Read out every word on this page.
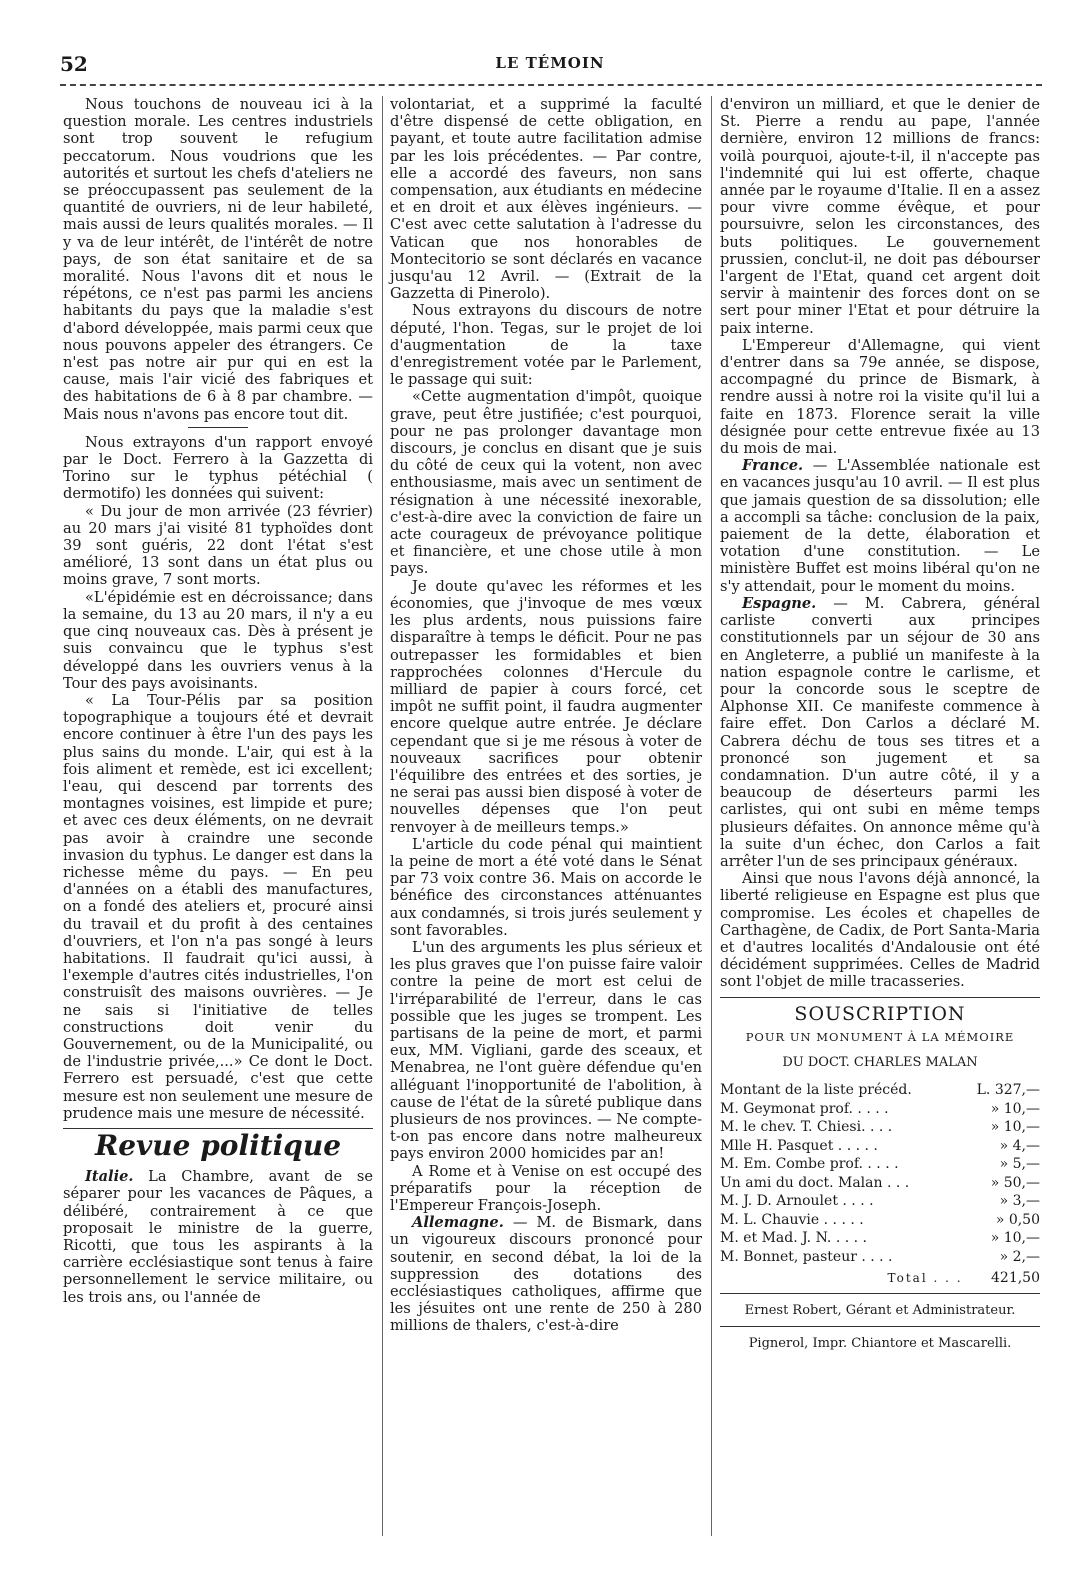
52	LE TÉMOIN

Nous touchons de nouveau ici à la question morale. Les centres industriels sont trop souvent le refugium peccatorum. Nous voudrions que les autorités et surtout les chefs d'ateliers ne se préoccupassent pas seulement de la quantité de ouvriers, ni de leur habileté, mais aussi de leurs qualités morales. — Il y va de leur intérêt, de l'intérêt de notre pays, de son état sanitaire et de sa moralité. Nous l'avons dit et nous le répétons, ce n'est pas parmi les anciens habitants du pays que la maladie s'est d'abord développée, mais parmi ceux que nous pouvons appeler des étrangers. Ce n'est pas notre air pur qui en est la cause, mais l'air vicié des fabriques et des habitations de 6 à 8 par chambre. — Mais nous n'avons pas encore tout dit.

Nous extrayons d'un rapport envoyé par le Doct. Ferrero à la Gazzetta di Torino sur le typhus pétéchial ( dermotifo) les données qui suivent:

« Du jour de mon arrivée (23 février) au 20 mars j'ai visité 81 typhoïdes dont 39 sont guéris, 22 dont l'état s'est amélioré, 13 sont dans un état plus ou moins grave, 7 sont morts.

«L'épidémie est en décroissance; dans la semaine, du 13 au 20 mars, il n'y a eu que cinq nouveaux cas. Dès à présent je suis convaincu que le typhus s'est développé dans les ouvriers venus à la Tour des pays avoisinants.

« La Tour-Pélis par sa position topographique a toujours été et devrait encore continuer à être l'un des pays les plus sains du monde. L'air, qui est à la fois aliment et remède, est ici excellent; l'eau, qui descend par torrents des montagnes voisines, est limpide et pure; et avec ces deux éléments, on ne devrait pas avoir à craindre une seconde invasion du typhus. Le danger est dans la richesse même du pays. — En peu d'années on a établi des manufactures, on a fondé des ateliers et, procuré ainsi du travail et du profit à des centaines d'ouvriers, et l'on n'a pas songé à leurs habitations. Il faudrait qu'ici aussi, à l'exemple d'autres cités industrielles, l'on construisît des maisons ouvrières. — Je ne sais si l'initiative de telles constructions doit venir du Gouvernement, ou de la Municipalité, ou de l'industrie privée,...» Ce dont le Doct. Ferrero est persuadé, c'est que cette mesure est non seulement une mesure de prudence mais une mesure de nécessité.

Revue politique

Italie. La Chambre, avant de se séparer pour les vacances de Pâques, a délibéré, contrairement à ce que proposait le ministre de la guerre, Ricotti, que tous les aspirants à la carrière ecclésiastique sont tenus à faire personnellement le service militaire, ou les trois ans, ou l'année de

volontariat, et a supprimé la faculté d'être dispensé de cette obligation, en payant, et toute autre facilitation admise par les lois précédentes. — Par contre, elle a accordé des faveurs, non sans compensation, aux étudiants en médecine et en droit et aux élèves ingénieurs. — C'est avec cette salutation à l'adresse du Vatican que nos honorables de Montecitorio se sont déclarés en vacance jusqu'au 12 Avril. — (Extrait de la Gazzetta di Pinerolo).

Nous extrayons du discours de notre député, l'hon. Tegas, sur le projet de loi d'augmentation de la taxe d'enregistrement votée par le Parlement, le passage qui suit:

«Cette augmentation d'impôt, quoique grave, peut être justifiée; c'est pourquoi, pour ne pas prolonger davantage mon discours, je conclus en disant que je suis du côté de ceux qui la votent, non avec enthousiasme, mais avec un sentiment de résignation à une nécessité inexorable, c'est-à-dire avec la conviction de faire un acte courageux de prévoyance politique et financière, et une chose utile à mon pays.

Je doute qu'avec les réformes et les économies, que j'invoque de mes vœux les plus ardents, nous puissions faire disparaître à temps le déficit. Pour ne pas outrepasser les formidables et bien rapprochées colonnes d'Hercule du milliard de papier à cours forcé, cet impôt ne suffit point, il faudra augmenter encore quelque autre entrée. Je déclare cependant que si je me résous à voter de nouveaux sacrifices pour obtenir l'équilibre des entrées et des sorties, je ne serai pas aussi bien disposé à voter de nouvelles dépenses que l'on peut renvoyer à de meilleurs temps.»

L'article du code pénal qui maintient la peine de mort a été voté dans le Sénat par 73 voix contre 36. Mais on accorde le bénéfice des circonstances atténuantes aux condamnés, si trois jurés seulement y sont favorables.

L'un des arguments les plus sérieux et les plus graves que l'on puisse faire valoir contre la peine de mort est celui de l'irréparabilité de l'erreur, dans le cas possible que les juges se trompent. Les partisans de la peine de mort, et parmi eux, MM. Vigliani, garde des sceaux, et Menabrea, ne l'ont guère défendue qu'en alléguant l'inopportunité de l'abolition, à cause de l'état de la sûreté publique dans plusieurs de nos provinces. — Ne compte-t-on pas encore dans notre malheureux pays environ 2000 homicides par an!

A Rome et à Venise on est occupé des préparatifs pour la réception de l'Empereur François-Joseph.

Allemagne. — M. de Bismark, dans un vigoureux discours prononcé pour soutenir, en second débat, la loi de la suppression des dotations des ecclésiastiques catholiques, affirme que les jésuites ont une rente de 250 à 280 millions de thalers, c'est-à-dire

d'environ un milliard, et que le denier de St. Pierre a rendu au pape, l'année dernière, environ 12 millions de francs: voilà pourquoi, ajoute-t-il, il n'accepte pas l'indemnité qui lui est offerte, chaque année par le royaume d'Italie. Il en a assez pour vivre comme évêque, et pour poursuivre, selon les circonstances, des buts politiques. Le gouvernement prussien, conclut-il, ne doit pas débourser l'argent de l'Etat, quand cet argent doit servir à maintenir des forces dont on se sert pour miner l'Etat et pour détruire la paix interne.

L'Empereur d'Allemagne, qui vient d'entrer dans sa 79e année, se dispose, accompagné du prince de Bismark, à rendre aussi à notre roi la visite qu'il lui a faite en 1873. Florence serait la ville désignée pour cette entrevue fixée au 13 du mois de mai.

France. — L'Assemblée nationale est en vacances jusqu'au 10 avril. — Il est plus que jamais question de sa dissolution; elle a accompli sa tâche: conclusion de la paix, paiement de la dette, élaboration et votation d'une constitution. — Le ministère Buffet est moins libéral qu'on ne s'y attendait, pour le moment du moins.

Espagne. — M. Cabrera, général carliste converti aux principes constitutionnels par un séjour de 30 ans en Angleterre, a publié un manifeste à la nation espagnole contre le carlisme, et pour la concorde sous le sceptre de Alphonse XII. Ce manifeste commence à faire effet. Don Carlos a déclaré M. Cabrera déchu de tous ses titres et a prononcé son jugement et sa condamnation. D'un autre côté, il y a beaucoup de déserteurs parmi les carlistes, qui ont subi en même temps plusieurs défaites. On annonce même qu'à la suite d'un échec, don Carlos a fait arrêter l'un de ses principaux généraux.

Ainsi que nous l'avons déjà annoncé, la liberté religieuse en Espagne est plus que compromise. Les écoles et chapelles de Carthagène, de Cadix, de Port Santa-Maria et d'autres localités d'Andalousie ont été décidément supprimées. Celles de Madrid sont l'objet de mille tracasseries.

SOUSCRIPTION
POUR UN MONUMENT À LA MÉMOIRE
DU DOCT. CHARLES MALAN
Montant de la liste précéd.	L. 327,—
M. Geymonat prof. . . . .	» 10,—
M. le chev. T. Chiesi. . . .	» 10,—
Mlle H. Pasquet . . . . .	» 4,—
M. Em. Combe prof. . . . .	» 5,—
Un ami du doct. Malan . . .	» 50,—
M. J. D. Arnoulet . . . .	» 3,—
M. L. Chauvie . . . . .	» 0,50
M. et Mad. J. N. . . . .	» 10,—
M. Bonnet, pasteur . . . .	» 2,—
Total . . . 421,50
Ernest Robert, Gérant et Administrateur.
Pignerol, Impr. Chiantore et Mascarelli.
